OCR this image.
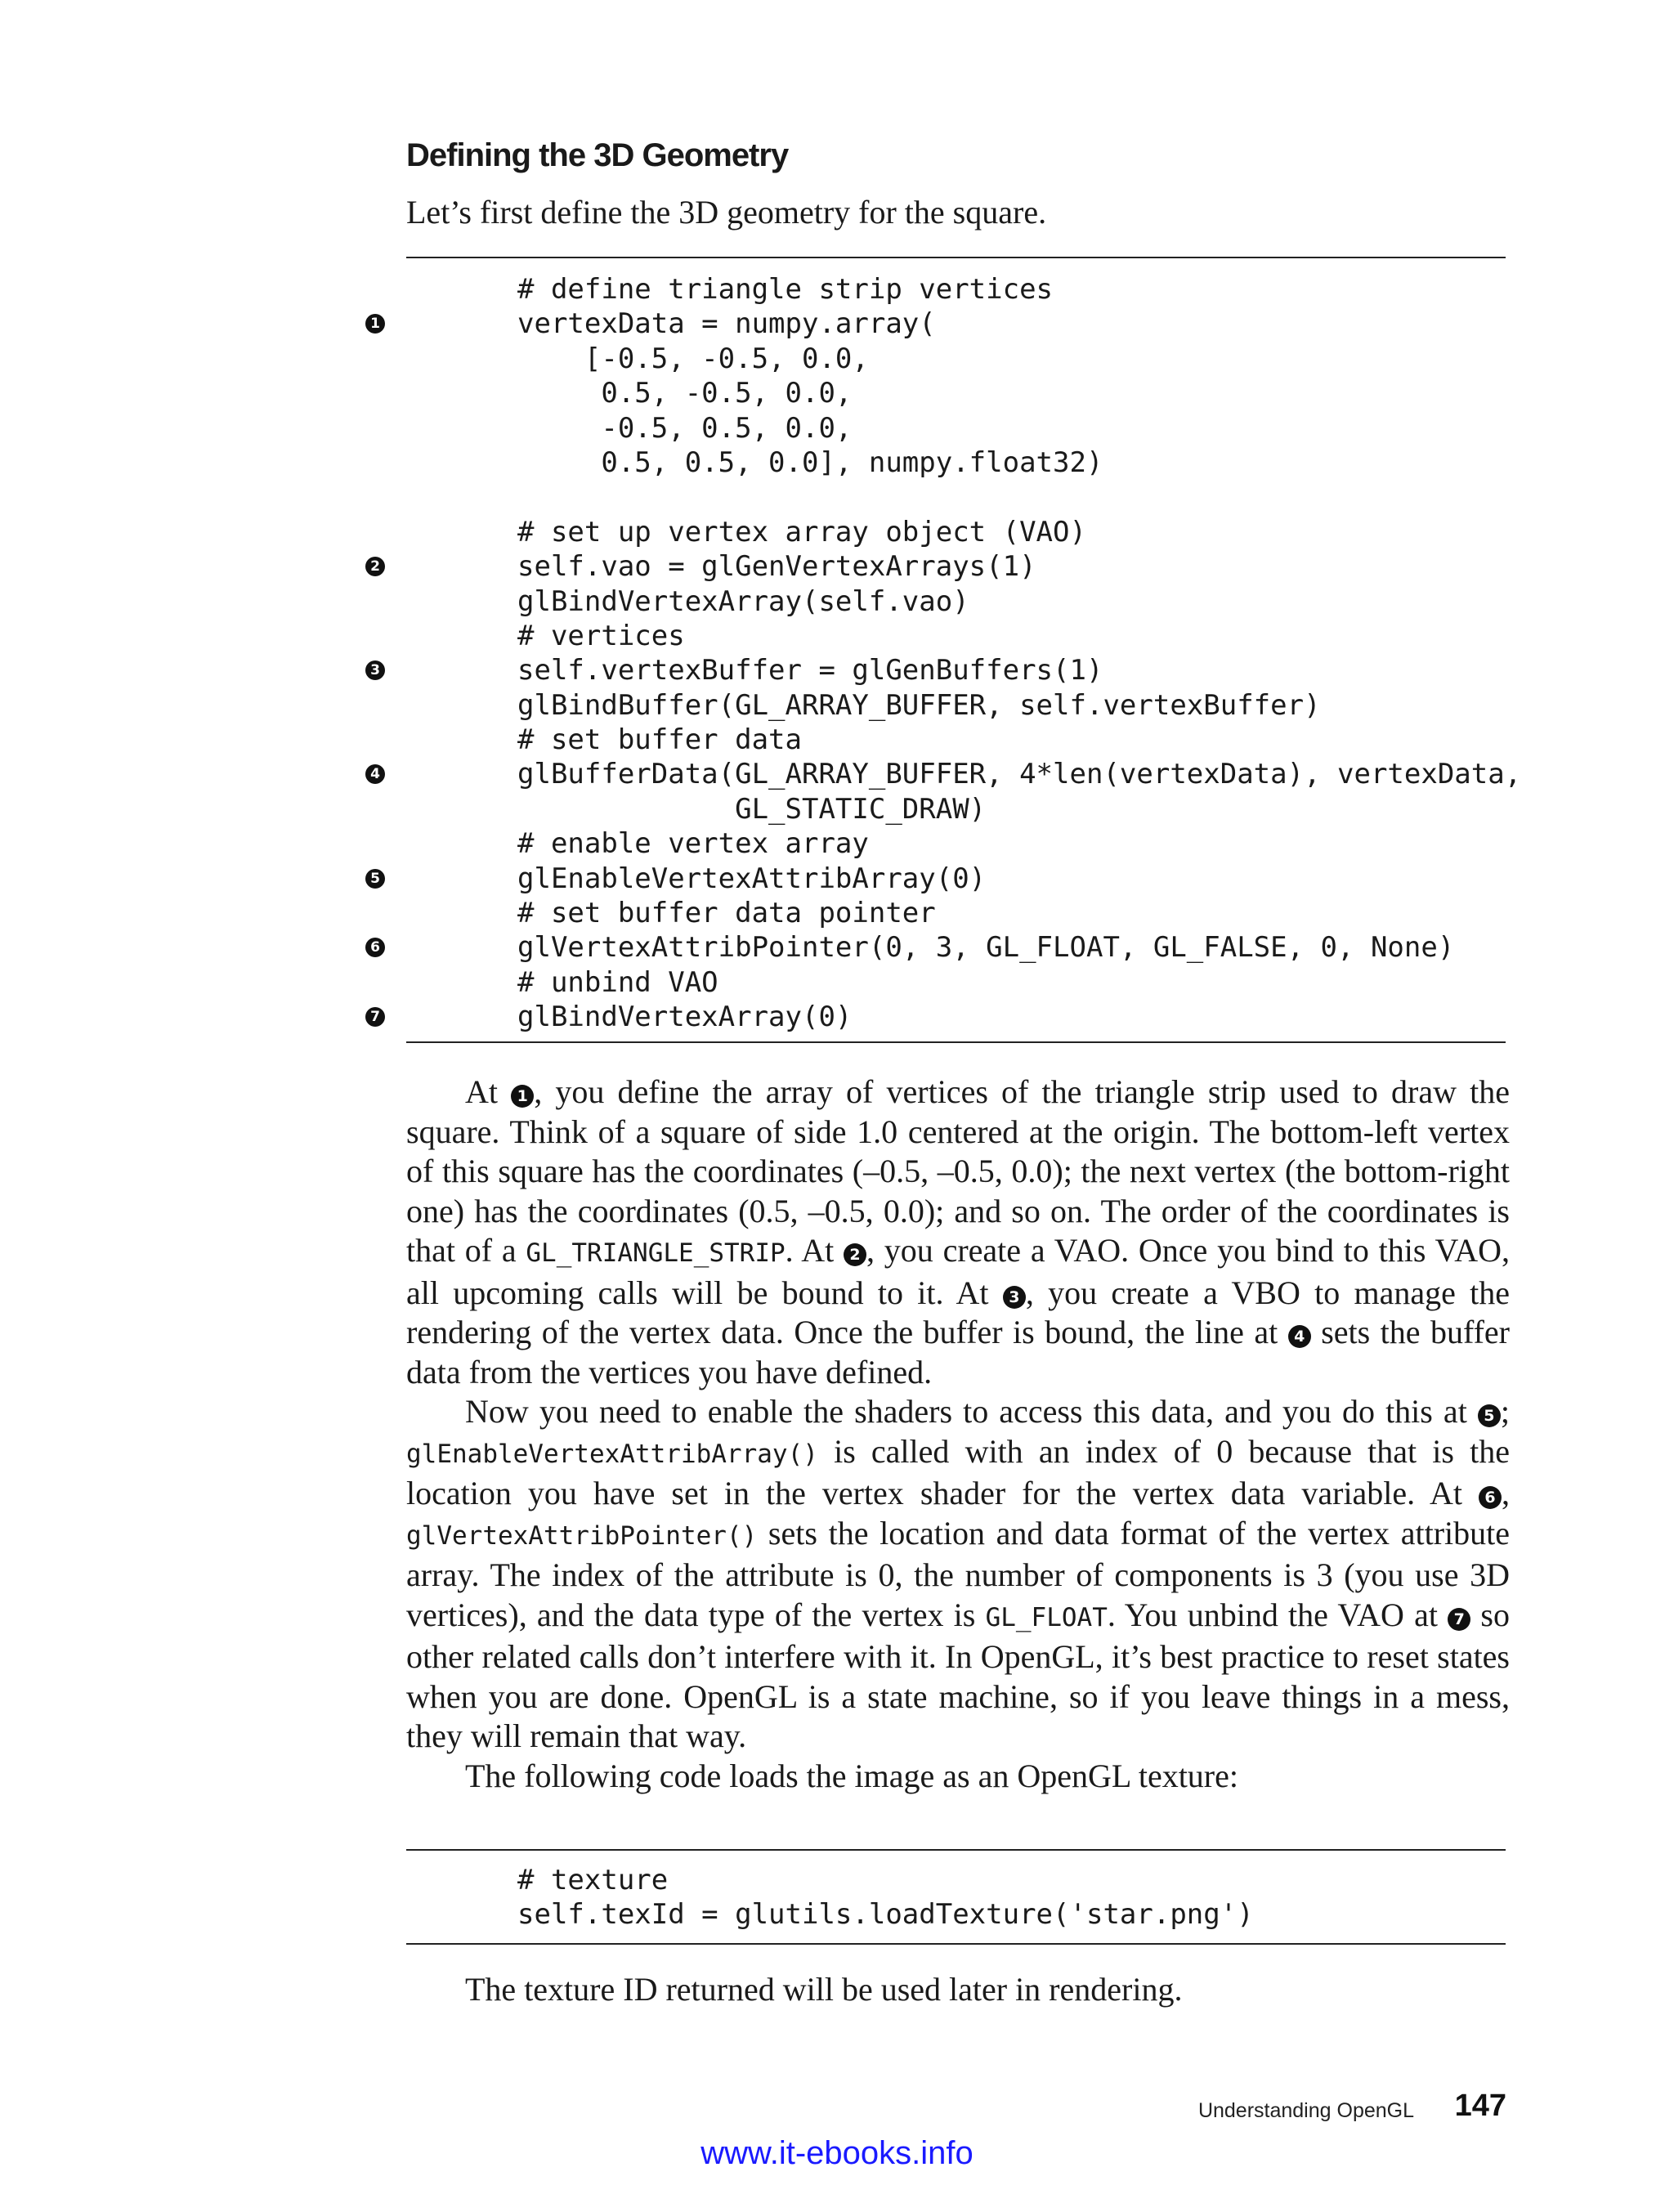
Defining the 3D Geometry

Let’s first define the 3D geometry for the square.

# define triangle strip vertices
1	vertexData = numpy.array(
[-0.5, -0.5, 0.0,
0.5, -0.5, 0.0,
-0.5, 0.5, 0.0,
0.5, 0.5, 0.0], numpy.float32)
# set up vertex array object (VAO)
2	self.vao = glGenVertexArrays(1)
glBindVertexArray(self.vao)
# vertices
3	self.vertexBuffer = glGenBuffers(1)
glBindBuffer(GL_ARRAY_BUFFER, self.vertexBuffer)
# set buffer data
4	glBufferData(GL_ARRAY_BUFFER, 4*len(vertexData), vertexData,
GL_STATIC_DRAW)
# enable vertex array
5	glEnableVertexAttribArray(0)
# set buffer data pointer
6	glVertexAttribPointer(0, 3, GL_FLOAT, GL_FALSE, 0, None)
# unbind VAO
7	glBindVertexArray(0)

At 1 , you define the array of vertices of the triangle strip used to draw the square. Think of a square of side 1.0 centered at the origin. The bottom-left vertex of this square has the coordinates (–0.5, –0.5, 0.0); the next vertex (the bottom-right one) has the coordinates (0.5, –0.5, 0.0); and so on. The order of the coordinates is that of a GL_TRIANGLE_STRIP. At 2 , you create a VAO. Once you bind to this VAO, all upcoming calls will be bound to it. At 3 , you create a VBO to manage the rendering of the vertex data. Once the buffer is bound, the line at 4 sets the buffer data from the vertices you have defined.

Now you need to enable the shaders to access this data, and you do this at 5 ; glEnableVertexAttribArray() is called with an index of 0 because that is the location you have set in the vertex shader for the vertex data variable. At 6 , glVertexAttribPointer() sets the location and data format of the vertex attribute array. The index of the attribute is 0, the number of components is 3 (you use 3D vertices), and the data type of the vertex is GL_FLOAT. You unbind the VAO at 7 so other related calls don’t interfere with it. In OpenGL, it’s best practice to reset states when you are done. OpenGL is a state machine, so if you leave things in a mess, they will remain that way.

The following code loads the image as an OpenGL texture:

# texture
self.texId = glutils.loadTexture('star.png')

The texture ID returned will be used later in rendering.

Understanding OpenGL 147
www.it-ebooks.info
